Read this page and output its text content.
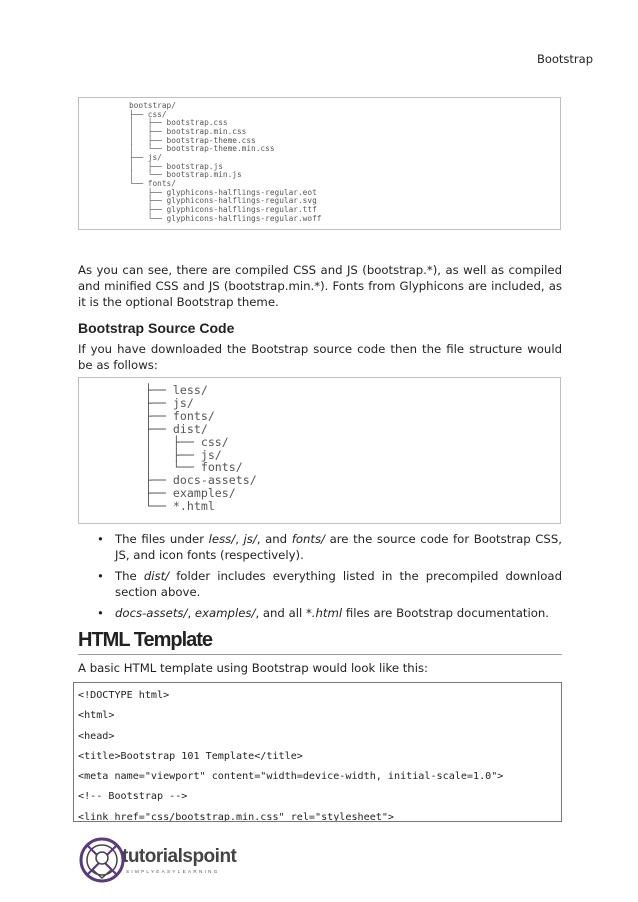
Bootstrap
bootstrap/
├── css/
│   ├── bootstrap.css
│   ├── bootstrap.min.css
│   ├── bootstrap-theme.css
│   └── bootstrap-theme.min.css
├── js/
│   ├── bootstrap.js
│   └── bootstrap.min.js
└── fonts/
├── glyphicons-halflings-regular.eot
├── glyphicons-halflings-regular.svg
├── glyphicons-halflings-regular.ttf
└── glyphicons-halflings-regular.woff

As you can see, there are compiled CSS and JS (bootstrap.*), as well as compiled and minified CSS and JS (bootstrap.min.*). Fonts from Glyphicons are included, as it is the optional Bootstrap theme.

Bootstrap Source Code

If you have downloaded the Bootstrap source code then the file structure would be as follows:

├── less/
├── js/
├── fonts/
├── dist/
│   ├── css/
│   ├── js/
│   └── fonts/
├── docs-assets/
├── examples/
└── *.html
• The files under less/, js/, and fonts/ are the source code for Bootstrap CSS, JS, and icon fonts (respectively).
• The dist/ folder includes everything listed in the precompiled download section above.
• docs-assets/, examples/, and all *.html files are Bootstrap documentation.
HTML Template

A basic HTML template using Bootstrap would look like this:

<!DOCTYPE html>
<html>
<head>
<title>Bootstrap 101 Template</title>
<meta name="viewport" content="width=device-width, initial-scale=1.0">
<!-- Bootstrap -->
<link href="css/bootstrap.min.css" rel="stylesheet">
tutorialspoint
SIMPLYEASYLEARNING
